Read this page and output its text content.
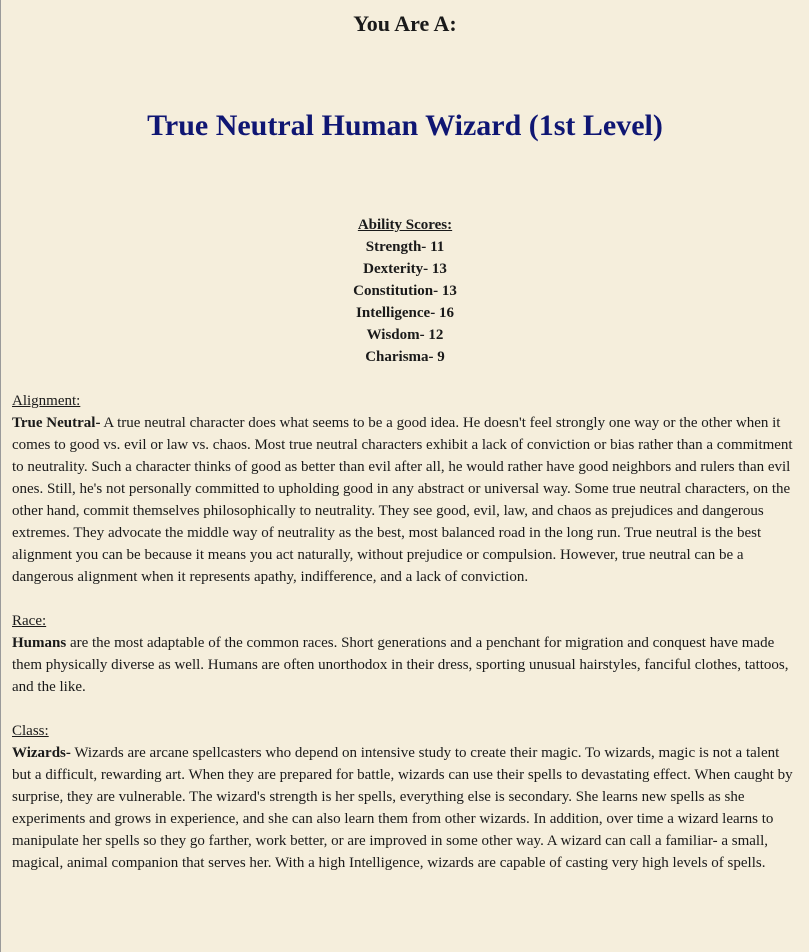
You Are A:
True Neutral Human Wizard (1st Level)
Ability Scores:
Strength- 11
Dexterity- 13
Constitution- 13
Intelligence- 16
Wisdom- 12
Charisma- 9
Alignment:
True Neutral- A true neutral character does what seems to be a good idea. He doesn't feel strongly one way or the other when it comes to good vs. evil or law vs. chaos. Most true neutral characters exhibit a lack of conviction or bias rather than a commitment to neutrality. Such a character thinks of good as better than evil after all, he would rather have good neighbors and rulers than evil ones. Still, he's not personally committed to upholding good in any abstract or universal way. Some true neutral characters, on the other hand, commit themselves philosophically to neutrality. They see good, evil, law, and chaos as prejudices and dangerous extremes. They advocate the middle way of neutrality as the best, most balanced road in the long run. True neutral is the best alignment you can be because it means you act naturally, without prejudice or compulsion. However, true neutral can be a dangerous alignment when it represents apathy, indifference, and a lack of conviction.
Race:
Humans are the most adaptable of the common races. Short generations and a penchant for migration and conquest have made them physically diverse as well. Humans are often unorthodox in their dress, sporting unusual hairstyles, fanciful clothes, tattoos, and the like.
Class:
Wizards- Wizards are arcane spellcasters who depend on intensive study to create their magic. To wizards, magic is not a talent but a difficult, rewarding art. When they are prepared for battle, wizards can use their spells to devastating effect. When caught by surprise, they are vulnerable. The wizard's strength is her spells, everything else is secondary. She learns new spells as she experiments and grows in experience, and she can also learn them from other wizards. In addition, over time a wizard learns to manipulate her spells so they go farther, work better, or are improved in some other way. A wizard can call a familiar- a small, magical, animal companion that serves her. With a high Intelligence, wizards are capable of casting very high levels of spells.
